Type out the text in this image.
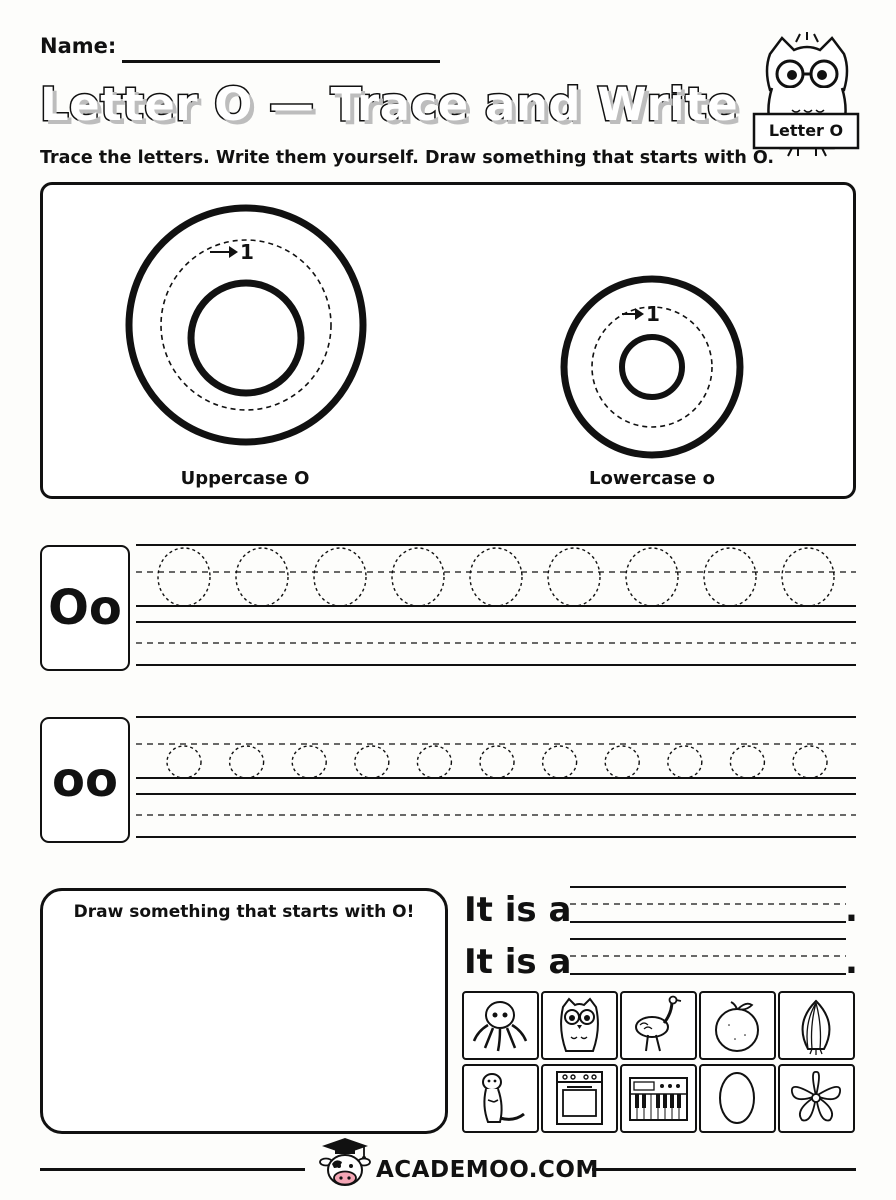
Name:
Letter O — Trace and Write
Trace the letters. Write them yourself. Draw something that starts with O.
Letter O
1
1
Uppercase O	Lowercase o
Oo
oo
Draw something that starts with O!	It is a
It is a
.
.
ACADEMOO.COM
